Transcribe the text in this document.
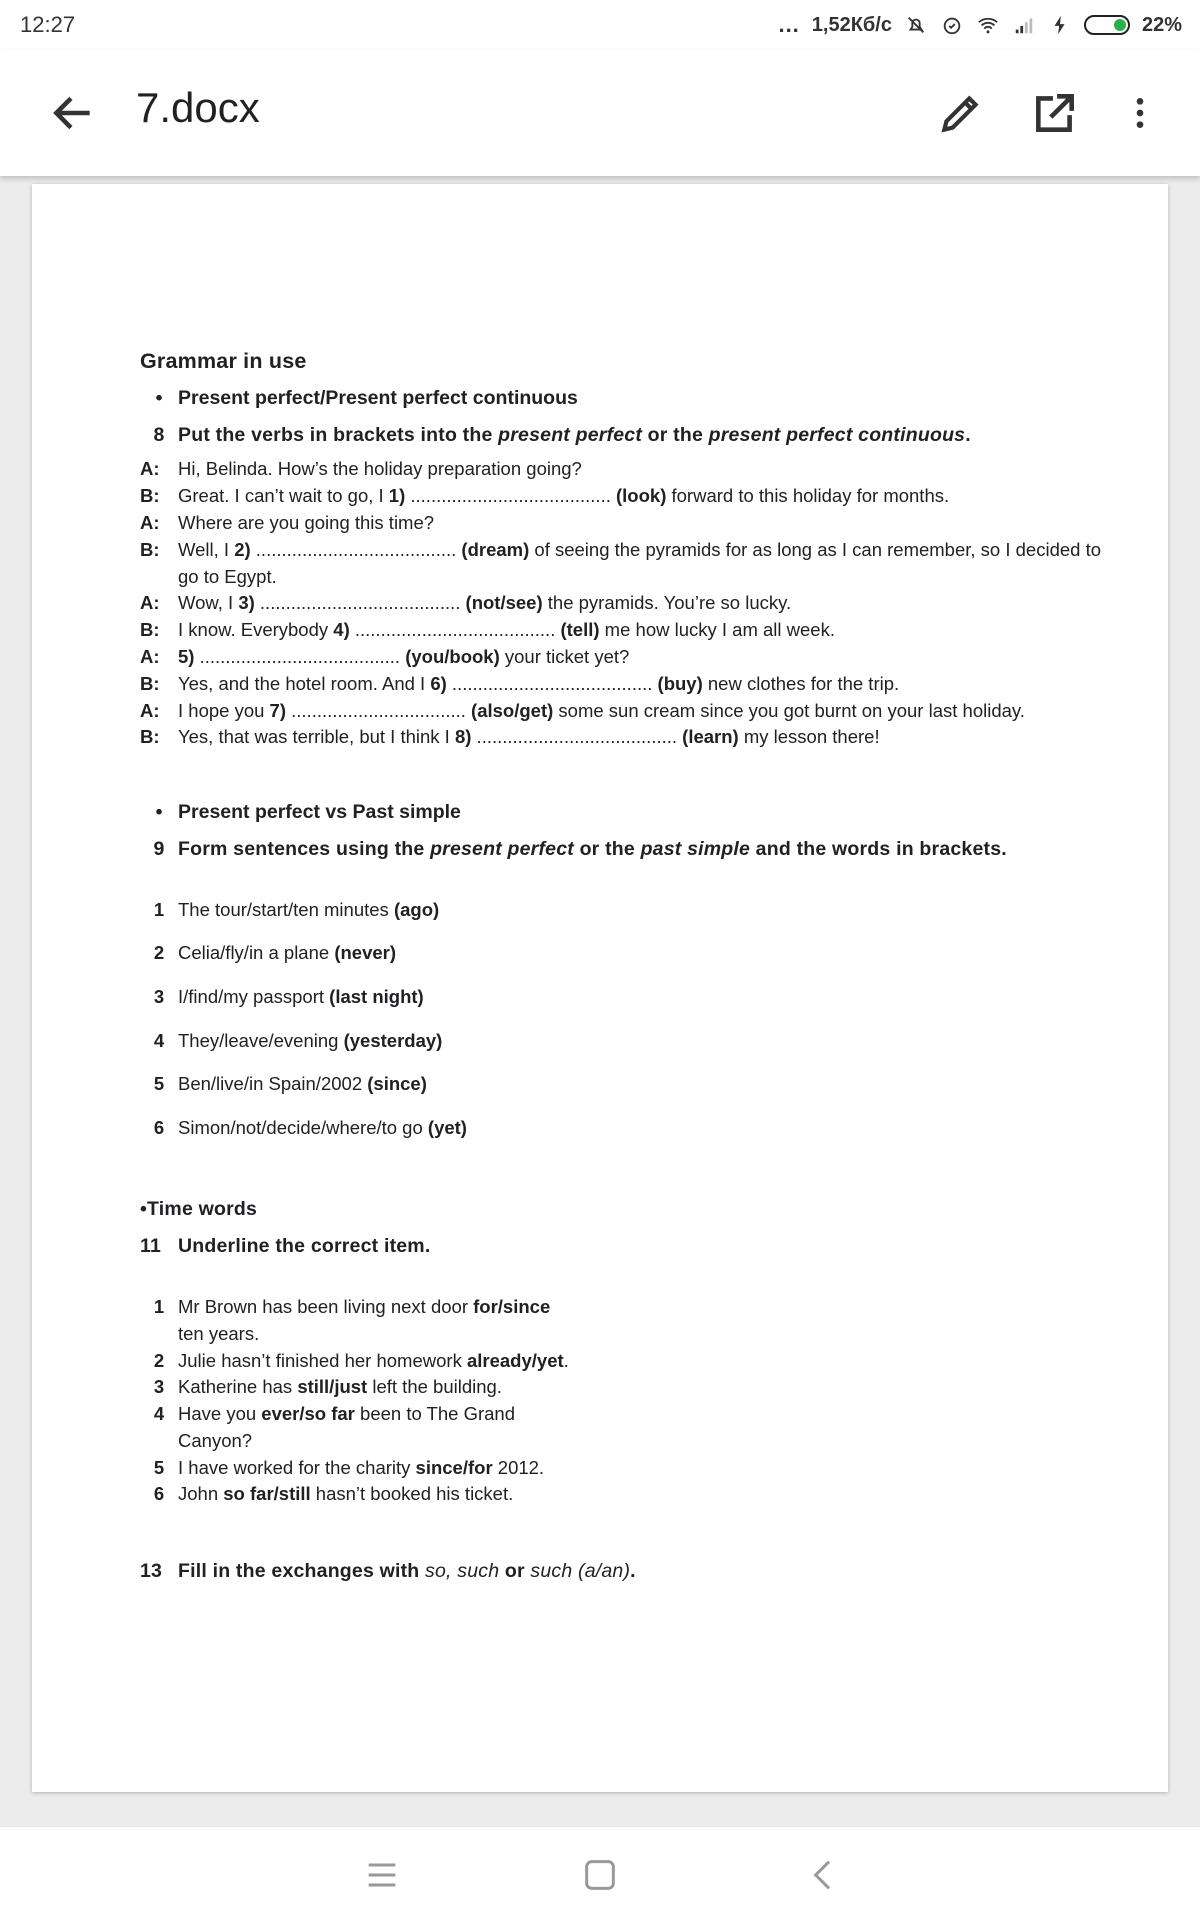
12:27	... 1,52Кб/с	22%
7.docx
Grammar in use
• Present perfect/Present perfect continuous
8 Put the verbs in brackets into the present perfect or the present perfect continuous.
A: Hi, Belinda. How’s the holiday preparation going?
B: Great. I can’t wait to go, I 1) ....................................... (look) forward to this holiday for months.
A: Where are you going this time?
B: Well, I 2) ....................................... (dream) of seeing the pyramids for as long as I can remember, so I decided to go to Egypt.
A: Wow, I 3) ....................................... (not/see) the pyramids. You’re so lucky.
B: I know. Everybody 4) ....................................... (tell) me how lucky I am all week.
A: 5) ....................................... (you/book) your ticket yet?
B: Yes, and the hotel room. And I 6) ....................................... (buy) new clothes for the trip.
A: I hope you 7) .................................. (also/get) some sun cream since you got burnt on your last holiday.
B: Yes, that was terrible, but I think I 8) ....................................... (learn) my lesson there!
• Present perfect vs Past simple
9 Form sentences using the present perfect or the past simple and the words in brackets.
1 The tour/start/ten minutes (ago)
2 Celia/fly/in a plane (never)
3 I/find/my passport (last night)
4 They/leave/evening (yesterday)
5 Ben/live/in Spain/2002 (since)
6 Simon/not/decide/where/to go (yet)
•Time words
11 Underline the correct item.
1 Mr Brown has been living next door for/since ten years.
2 Julie hasn’t finished her homework already/yet.
3 Katherine has still/just left the building.
4 Have you ever/so far been to The Grand Canyon?
5 I have worked for the charity since/for 2012.
6 John so far/still hasn’t booked his ticket.
13 Fill in the exchanges with so, such or such (a/an).
